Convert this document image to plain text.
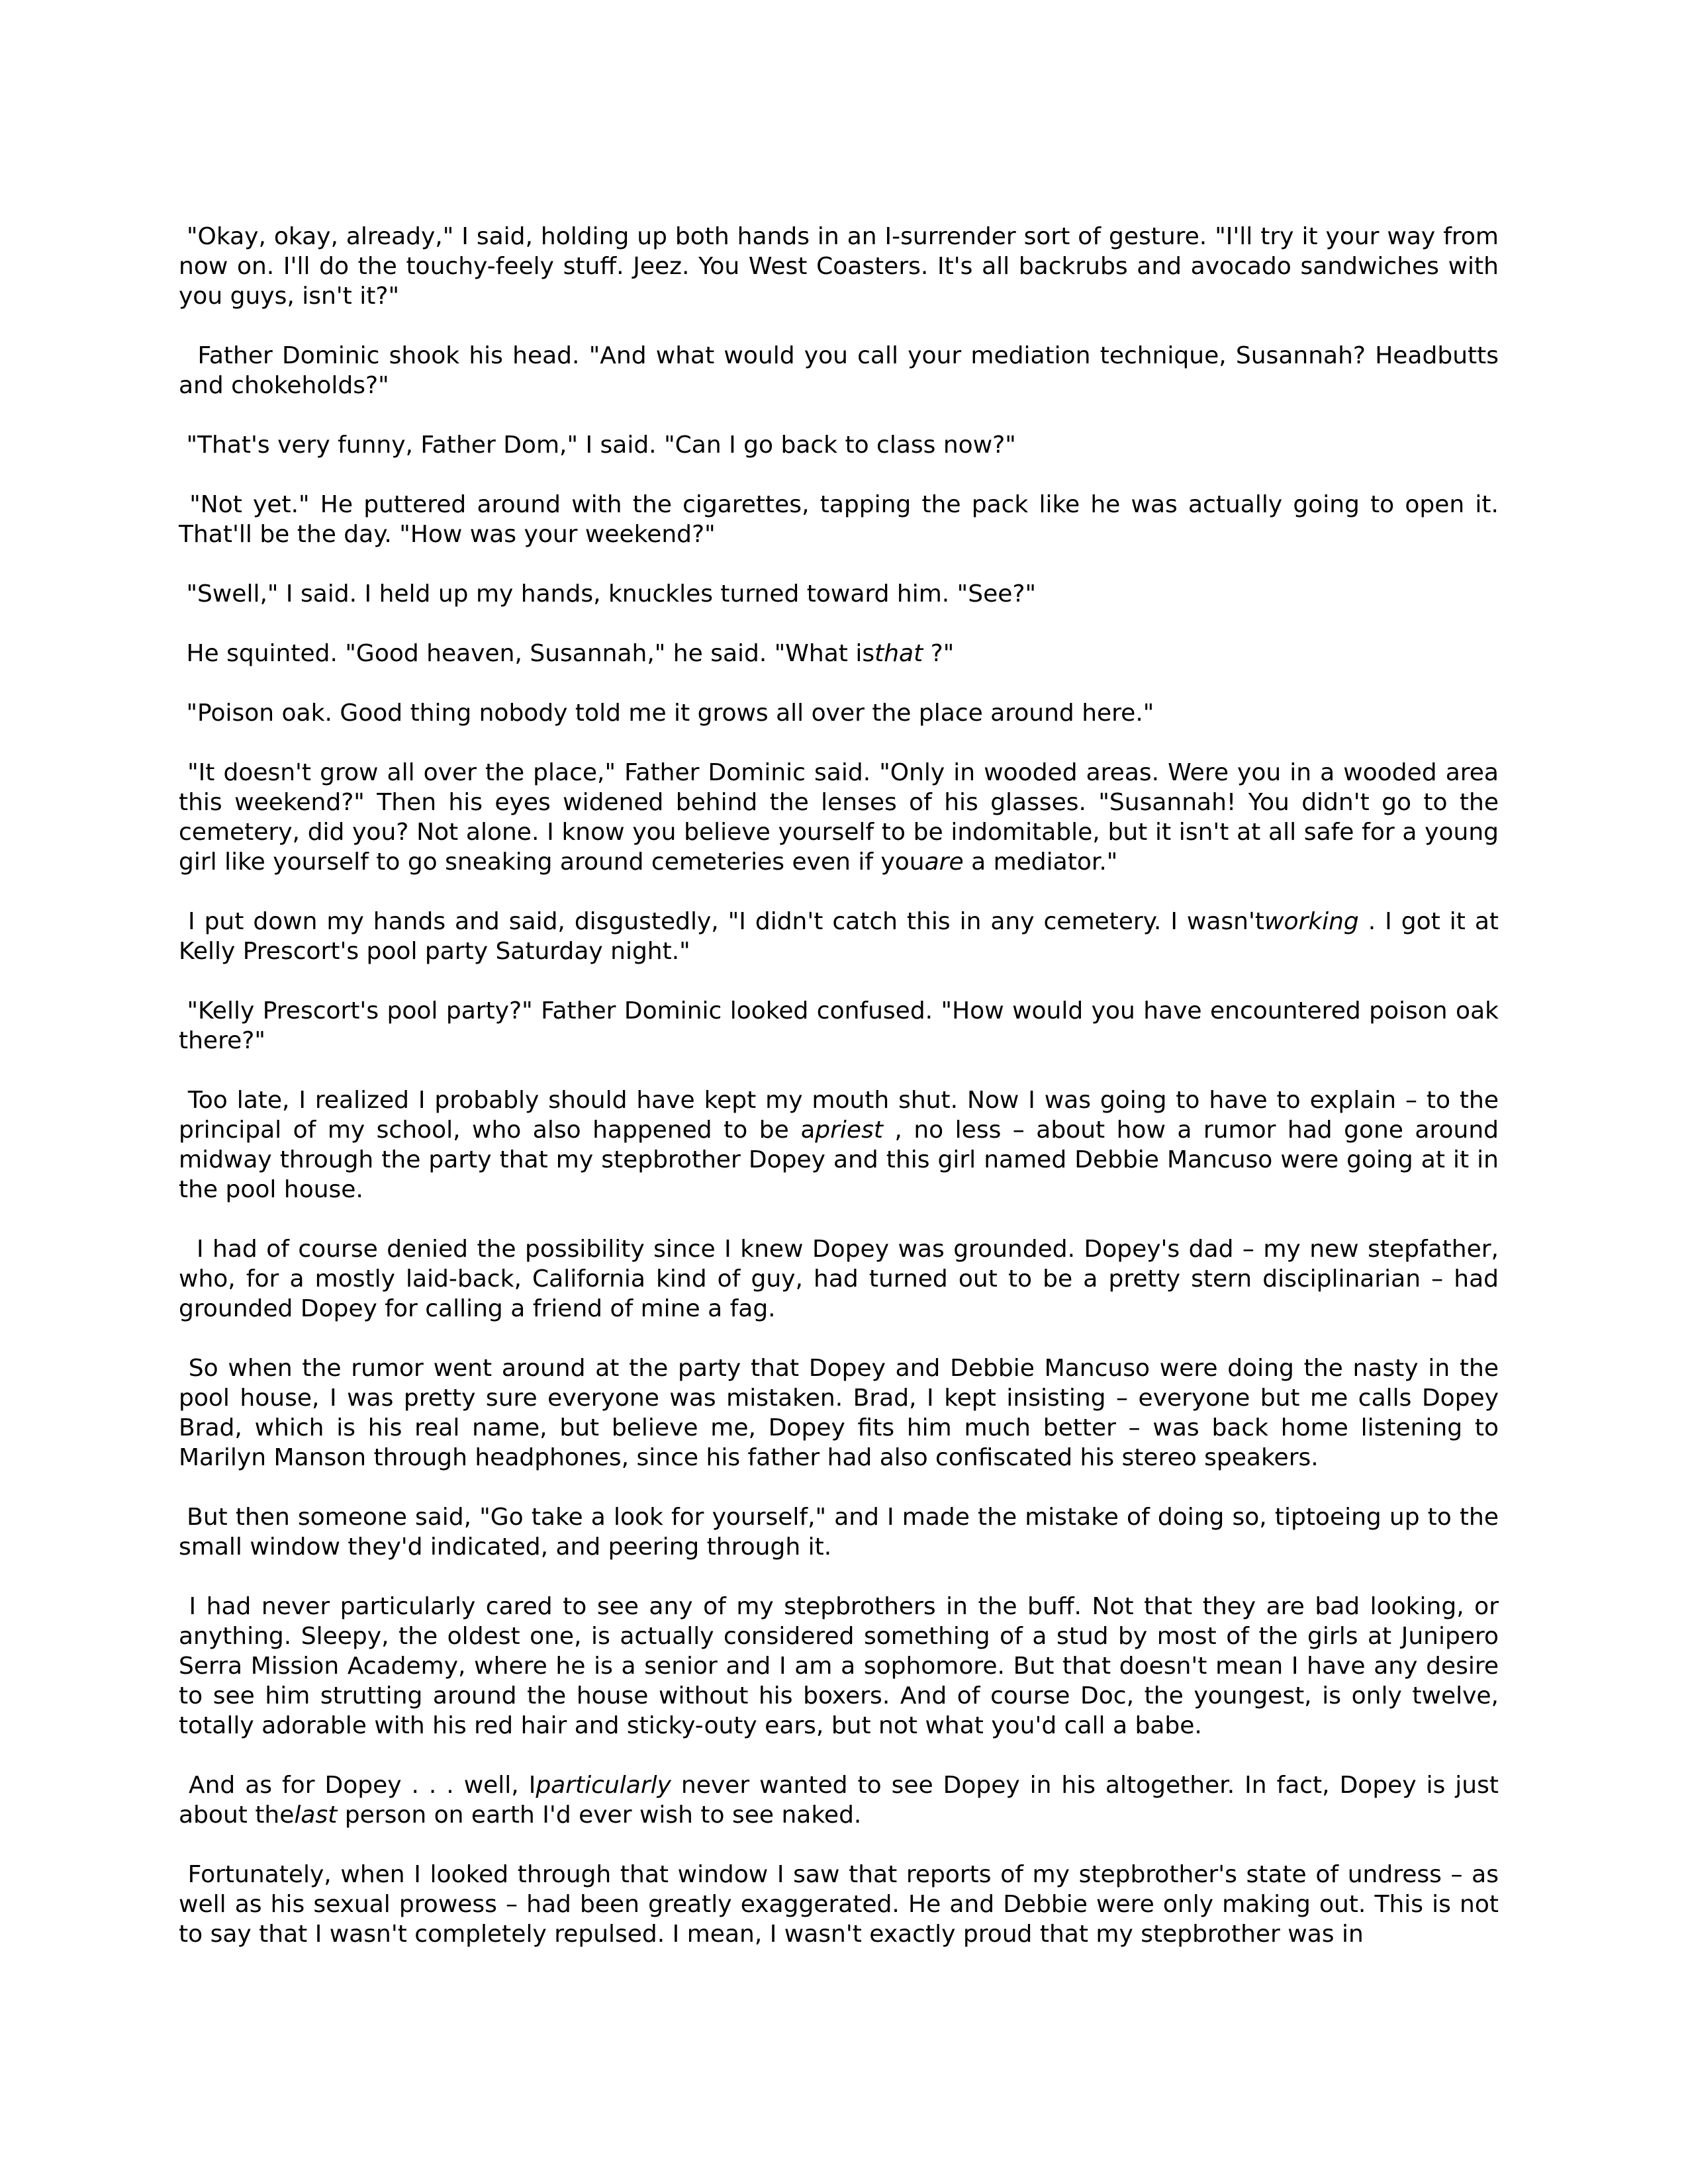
"Okay, okay, already," I said, holding up both hands in an I-surrender sort of gesture. "I'll try it your way from now on. I'll do the touchy-feely stuff. Jeez. You West Coasters. It's all backrubs and avocado sandwiches with you guys, isn't it?"

Father Dominic shook his head. "And what would you call your mediation technique, Susannah? Headbutts and chokeholds?"

"That's very funny, Father Dom," I said. "Can I go back to class now?"

"Not yet." He puttered around with the cigarettes, tapping the pack like he was actually going to open it. That'll be the day. "How was your weekend?"

"Swell," I said. I held up my hands, knuckles turned toward him. "See?"

He squinted. "Good heaven, Susannah," he said. "What isthat ?"

"Poison oak. Good thing nobody told me it grows all over the place around here."

"It doesn't grow all over the place," Father Dominic said. "Only in wooded areas. Were you in a wooded area this weekend?" Then his eyes widened behind the lenses of his glasses. "Susannah! You didn't go to the cemetery, did you? Not alone. I know you believe yourself to be indomitable, but it isn't at all safe for a young girl like yourself to go sneaking around cemeteries even if youare a mediator."

I put down my hands and said, disgustedly, "I didn't catch this in any cemetery. I wasn'tworking . I got it at Kelly Prescort's pool party Saturday night."

"Kelly Prescort's pool party?" Father Dominic looked confused. "How would you have encountered poison oak there?"

Too late, I realized I probably should have kept my mouth shut. Now I was going to have to explain – to the principal of my school, who also happened to be apriest , no less – about how a rumor had gone around midway through the party that my stepbrother Dopey and this girl named Debbie Mancuso were going at it in the pool house.

I had of course denied the possibility since I knew Dopey was grounded. Dopey's dad – my new stepfather, who, for a mostly laid-back, California kind of guy, had turned out to be a pretty stern disciplinarian – had grounded Dopey for calling a friend of mine a fag.

So when the rumor went around at the party that Dopey and Debbie Mancuso were doing the nasty in the pool house, I was pretty sure everyone was mistaken. Brad, I kept insisting – everyone but me calls Dopey Brad, which is his real name, but believe me, Dopey fits him much better – was back home listening to Marilyn Manson through headphones, since his father had also confiscated his stereo speakers.

But then someone said, "Go take a look for yourself," and I made the mistake of doing so, tiptoeing up to the small window they'd indicated, and peering through it.

I had never particularly cared to see any of my stepbrothers in the buff. Not that they are bad looking, or anything. Sleepy, the oldest one, is actually considered something of a stud by most of the girls at Junipero Serra Mission Academy, where he is a senior and I am a sophomore. But that doesn't mean I have any desire to see him strutting around the house without his boxers. And of course Doc, the youngest, is only twelve, totally adorable with his red hair and sticky-outy ears, but not what you'd call a babe.

And as for Dopey . . . well, Iparticularly never wanted to see Dopey in his altogether. In fact, Dopey is just about thelast person on earth I'd ever wish to see naked.

Fortunately, when I looked through that window I saw that reports of my stepbrother's state of undress – as well as his sexual prowess – had been greatly exaggerated. He and Debbie were only making out. This is not to say that I wasn't completely repulsed. I mean, I wasn't exactly proud that my stepbrother was in
